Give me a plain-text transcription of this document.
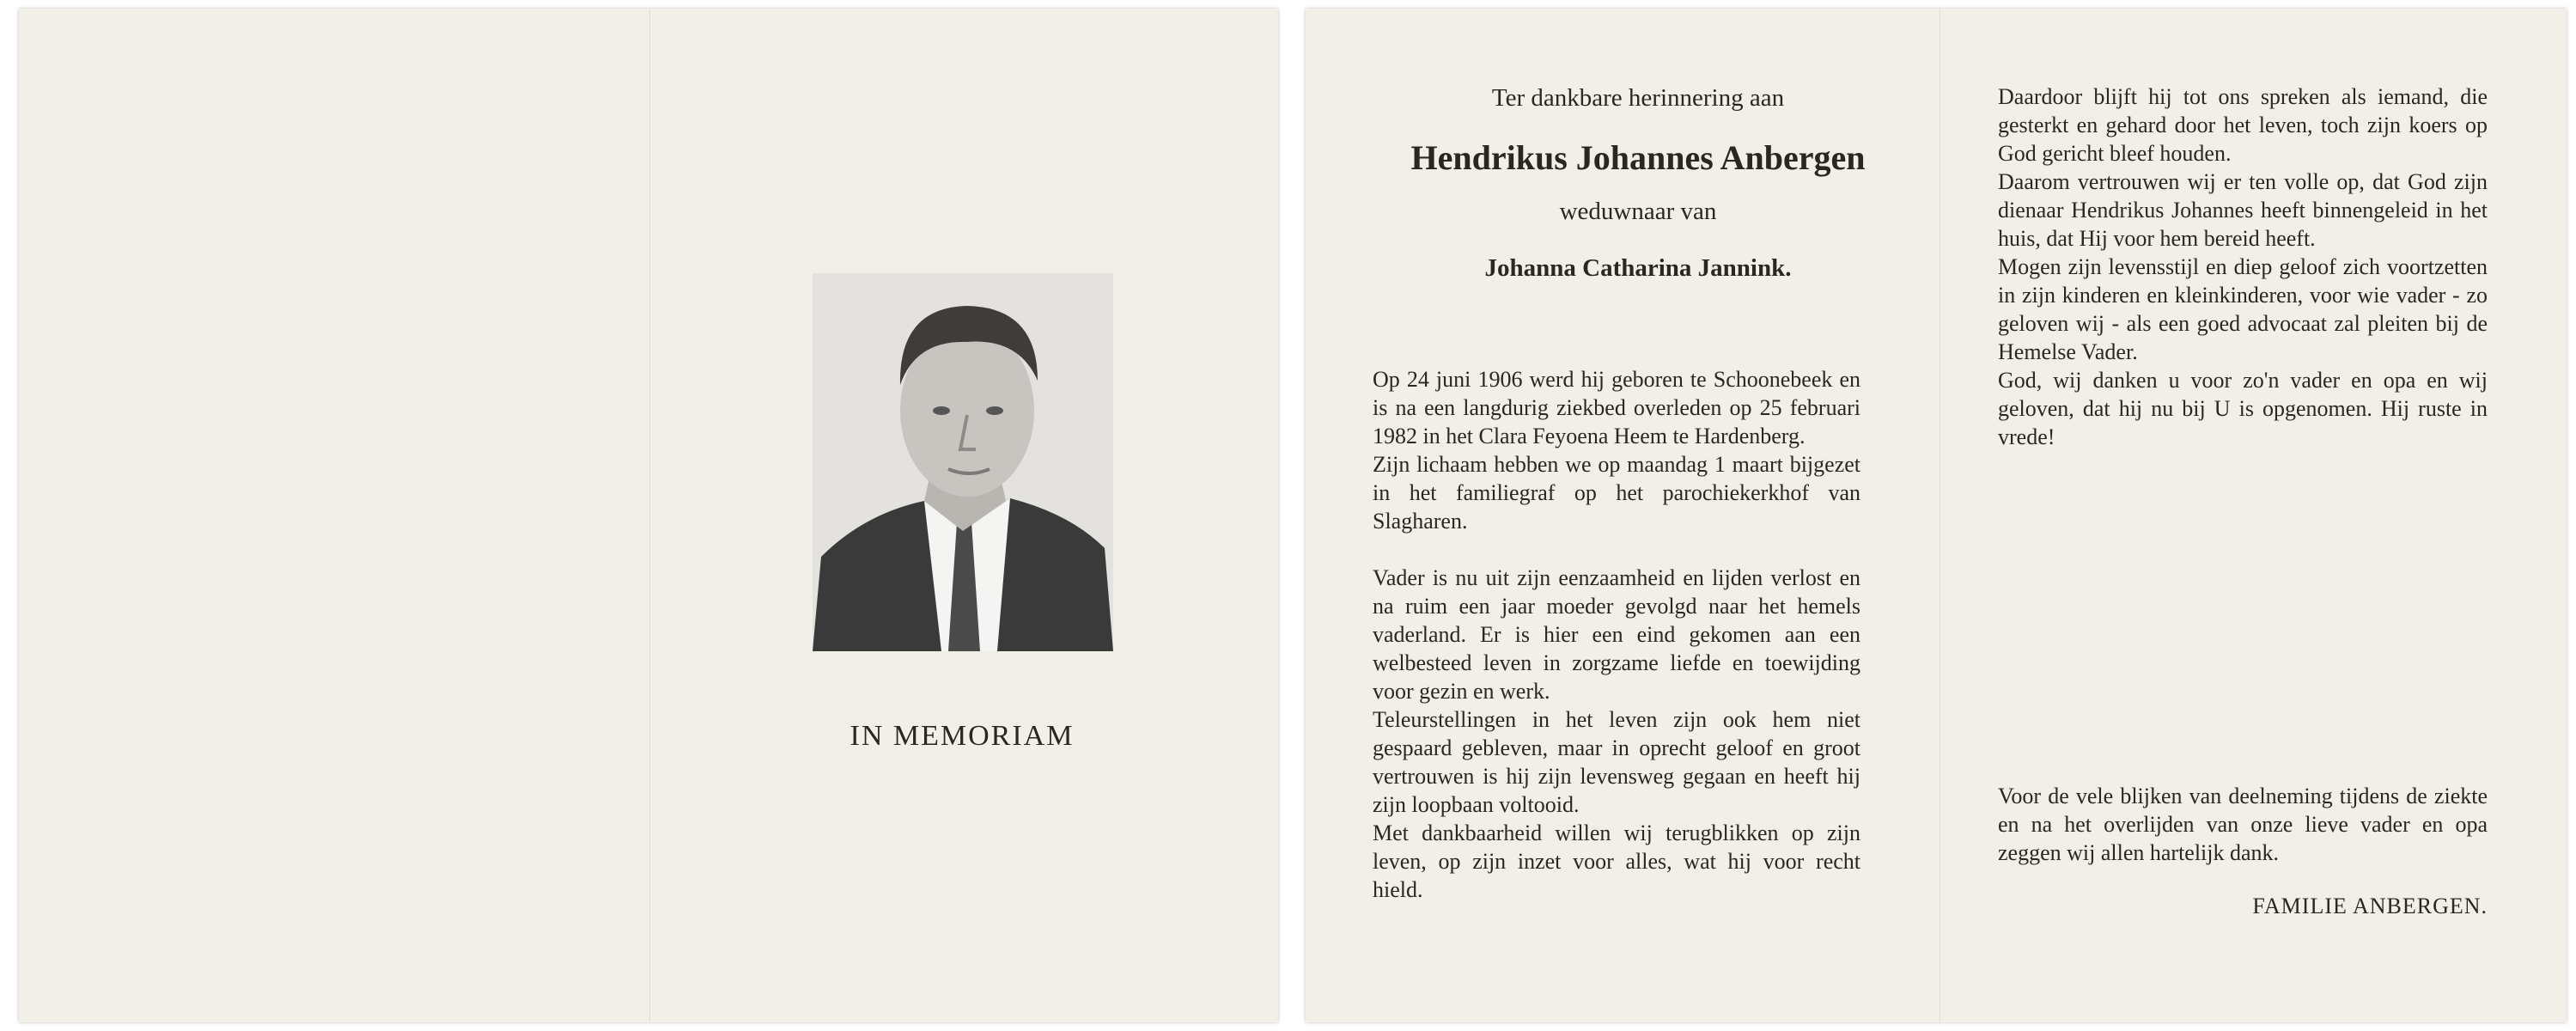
IN MEMORIAM
Ter dankbare herinnering aan
Hendrikus Johannes Anbergen
weduwnaar van
Johanna Catharina Jannink.

Op 24 juni 1906 werd hij geboren te Schoonebeek en is na een langdurig ziekbed overleden op 25 februari 1982 in het Clara Feyoena Heem te Hardenberg.

Zijn lichaam hebben we op maandag 1 maart bijgezet in het familiegraf op het parochiekerkhof van Slagharen.

Vader is nu uit zijn eenzaamheid en lijden verlost en na ruim een jaar moeder gevolgd naar het hemels vaderland. Er is hier een eind gekomen aan een welbesteed leven in zorgzame liefde en toewijding voor gezin en werk.

Teleurstellingen in het leven zijn ook hem niet gespaard gebleven, maar in oprecht geloof en groot vertrouwen is hij zijn levensweg gegaan en heeft hij zijn loopbaan voltooid.

Met dankbaarheid willen wij terugblikken op zijn leven, op zijn inzet voor alles, wat hij voor recht hield.

Daardoor blijft hij tot ons spreken als iemand, die gesterkt en gehard door het leven, toch zijn koers op God gericht bleef houden.

Daarom vertrouwen wij er ten volle op, dat God zijn dienaar Hendrikus Johannes heeft binnengeleid in het huis, dat Hij voor hem bereid heeft.

Mogen zijn levensstijl en diep geloof zich voortzetten in zijn kinderen en kleinkinderen, voor wie vader - zo geloven wij - als een goed advocaat zal pleiten bij de Hemelse Vader.

God, wij danken u voor zo'n vader en opa en wij geloven, dat hij nu bij U is opgenomen. Hij ruste in vrede!

Voor de vele blijken van deelneming tijdens de ziekte en na het overlijden van onze lieve vader en opa zeggen wij allen hartelijk dank.
FAMILIE ANBERGEN.
